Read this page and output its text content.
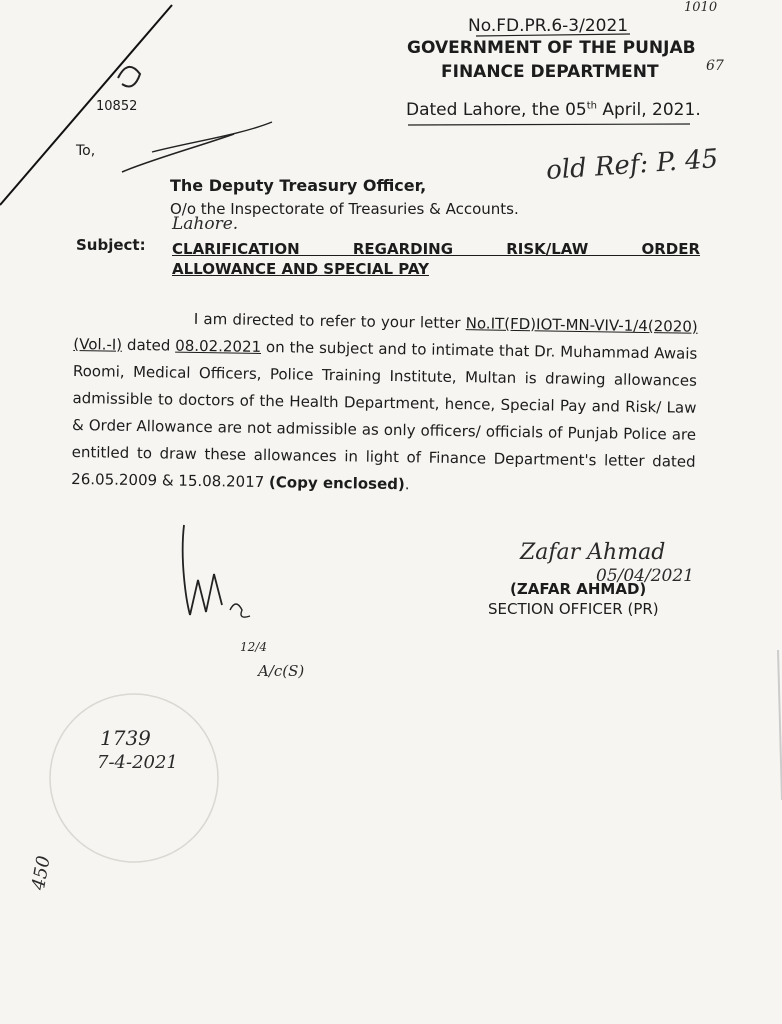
1010
67
No.FD.PR.6-3/2021
GOVERNMENT OF THE PUNJAB
FINANCE DEPARTMENT
Dated Lahore, the 05th April, 2021.
10852
To,	old Ref: P. 45
The Deputy Treasury Officer,
O/o the Inspectorate of Treasuries & Accounts.
Lahore.
Subject: CLARIFICATION REGARDING RISK/LAW ORDER
ALLOWANCE AND SPECIAL PAY

I am directed to refer to your letter No.IT(FD)IOT-MN-VIV-1/4(2020)(Vol.-I) dated 08.02.2021 on the subject and to intimate that Dr. Muhammad Awais Roomi, Medical Officers, Police Training Institute, Multan is drawing allowances admissible to doctors of the Health Department, hence, Special Pay and Risk/ Law & Order Allowance are not admissible as only officers/ officials of Punjab Police are entitled to draw these allowances in light of Finance Department's letter dated 26.05.2009 & 15.08.2017 (Copy enclosed).

Zafar Ahmad
05/04/2021
(ZAFAR AHMAD)
SECTION OFFICER (PR)
12/4
A/c(S)
1739
7-4-2021
450
